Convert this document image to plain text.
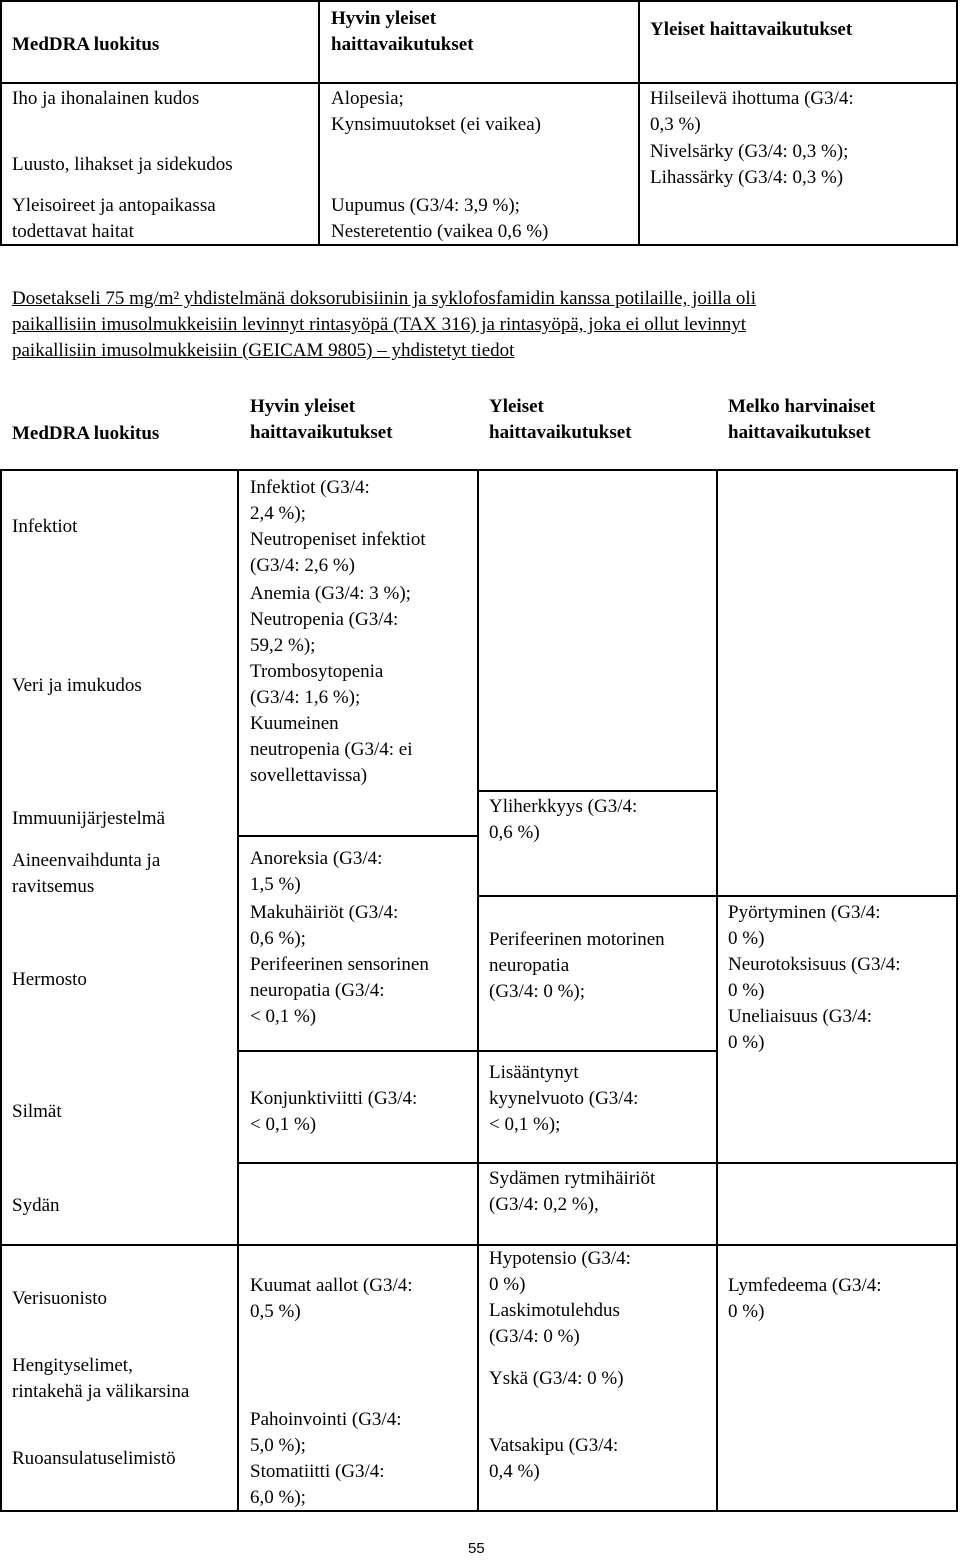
MedDRA luokitus
Hyvin yleiset
haittavaikutukset
Yleiset haittavaikutukset
Iho ja ihonalainen kudos	Alopesia;
Kynsimuutokset (ei vaikea)
Hilseilevä ihottuma (G3/4:
0,3 %)
Luusto, lihakset ja sidekudos
Nivelsärky (G3/4: 0,3 %);
Lihassärky (G3/4: 0,3 %)
Yleisoireet ja antopaikassa
todettavat haitat
Uupumus (G3/4: 3,9 %);
Nesteretentio (vaikea 0,6 %)
Dosetakseli 75 mg/m² yhdistelmänä doksorubisiinin ja syklofosfamidin kanssa potilaille, joilla oli
paikallisiin imusolmukkeisiin levinnyt rintasyöpä (TAX 316) ja rintasyöpä, joka ei ollut levinnyt
paikallisiin imusolmukkeisiin (GEICAM 9805) – yhdistetyt tiedot
MedDRA luokitus
Hyvin yleiset
haittavaikutukset
Yleiset
haittavaikutukset
Melko harvinaiset
haittavaikutukset
Infektiot
Veri ja imukudos
Immuunijärjestelmä
Aineenvaihdunta ja
ravitsemus
Hermosto
Silmät
Sydän
Verisuonisto
Hengityselimet,
rintakehä ja välikarsina
Ruoansulatuselimistö
Infektiot (G3/4:
2,4 %);
Neutropeniset infektiot
(G3/4: 2,6 %)
Anemia (G3/4: 3 %);
Neutropenia (G3/4:
59,2 %);
Trombosytopenia
(G3/4: 1,6 %);
Kuumeinen
neutropenia (G3/4: ei
sovellettavissa)
Anoreksia (G3/4:
1,5 %)
Makuhäiriöt (G3/4:
0,6 %);
Perifeerinen sensorinen
neuropatia (G3/4:
< 0,1 %)
Konjunktiviitti (G3/4:
< 0,1 %)
Kuumat aallot (G3/4:
0,5 %)
Pahoinvointi (G3/4:
5,0 %);
Stomatiitti (G3/4:
6,0 %);
Yliherkkyys (G3/4:
0,6 %)
Perifeerinen motorinen
neuropatia
(G3/4: 0 %);
Lisääntynyt
kyynelvuoto (G3/4:
< 0,1 %);
Sydämen rytmihäiriöt
(G3/4: 0,2 %),
Hypotensio (G3/4:
0 %)
Laskimotulehdus
(G3/4: 0 %)
Yskä (G3/4: 0 %)
Vatsakipu (G3/4:
0,4 %)
Pyörtyminen (G3/4:
0 %)
Neurotoksisuus (G3/4:
0 %)
Uneliaisuus (G3/4:
0 %)
Lymfedeema (G3/4:
0 %)
55
